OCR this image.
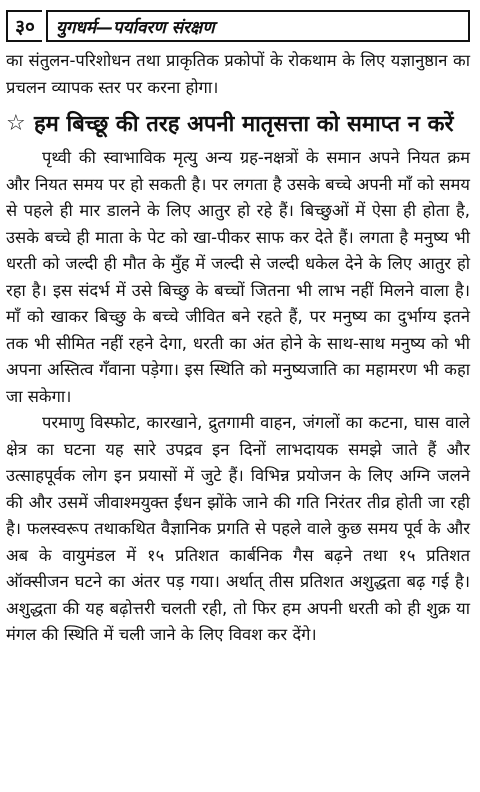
३०	युगधर्म—पर्यावरण संरक्षण

का संतुलन-परिशोधन तथा प्राकृतिक प्रकोपों के रोकथाम के लिए यज्ञानुष्ठान का प्रचलन व्यापक स्तर पर करना होगा।

☆ हम बिच्छू की तरह अपनी मातृसत्ता को समाप्त न करें

पृथ्वी की स्वाभाविक मृत्यु अन्य ग्रह-नक्षत्रों के समान अपने नियत क्रम और नियत समय पर हो सकती है। पर लगता है उसके बच्चे अपनी माँ को समय से पहले ही मार डालने के लिए आतुर हो रहे हैं। बिच्छुओं में ऐसा ही होता है, उसके बच्चे ही माता के पेट को खा-पीकर साफ कर देते हैं। लगता है मनुष्य भी धरती को जल्दी ही मौत के मुँह में जल्दी से जल्दी धकेल देने के लिए आतुर हो रहा है। इस संदर्भ में उसे बिच्छु के बच्चों जितना भी लाभ नहीं मिलने वाला है। माँ को खाकर बिच्छु के बच्चे जीवित बने रहते हैं, पर मनुष्य का दुर्भाग्य इतने तक भी सीमित नहीं रहने देगा, धरती का अंत होने के साथ-साथ मनुष्य को भी अपना अस्तित्व गँवाना पड़ेगा। इस स्थिति को मनुष्यजाति का महामरण भी कहा जा सकेगा।

परमाणु विस्फोट, कारखाने, द्रुतगामी वाहन, जंगलों का कटना, घास वाले क्षेत्र का घटना यह सारे उपद्रव इन दिनों लाभदायक समझे जाते हैं और उत्साहपूर्वक लोग इन प्रयासों में जुटे हैं। विभिन्न प्रयोजन के लिए अग्नि जलने की और उसमें जीवाश्मयुक्त ईंधन झोंके जाने की गति निरंतर तीव्र होती जा रही है। फलस्वरूप तथाकथित वैज्ञानिक प्रगति से पहले वाले कुछ समय पूर्व के और अब के वायुमंडल में १५ प्रतिशत कार्बनिक गैस बढ़ने तथा १५ प्रतिशत ऑक्सीजन घटने का अंतर पड़ गया। अर्थात् तीस प्रतिशत अशुद्धता बढ़ गई है। अशुद्धता की यह बढ़ोत्तरी चलती रही, तो फिर हम अपनी धरती को ही शुक्र या मंगल की स्थिति में चली जाने के लिए विवश कर देंगे।
